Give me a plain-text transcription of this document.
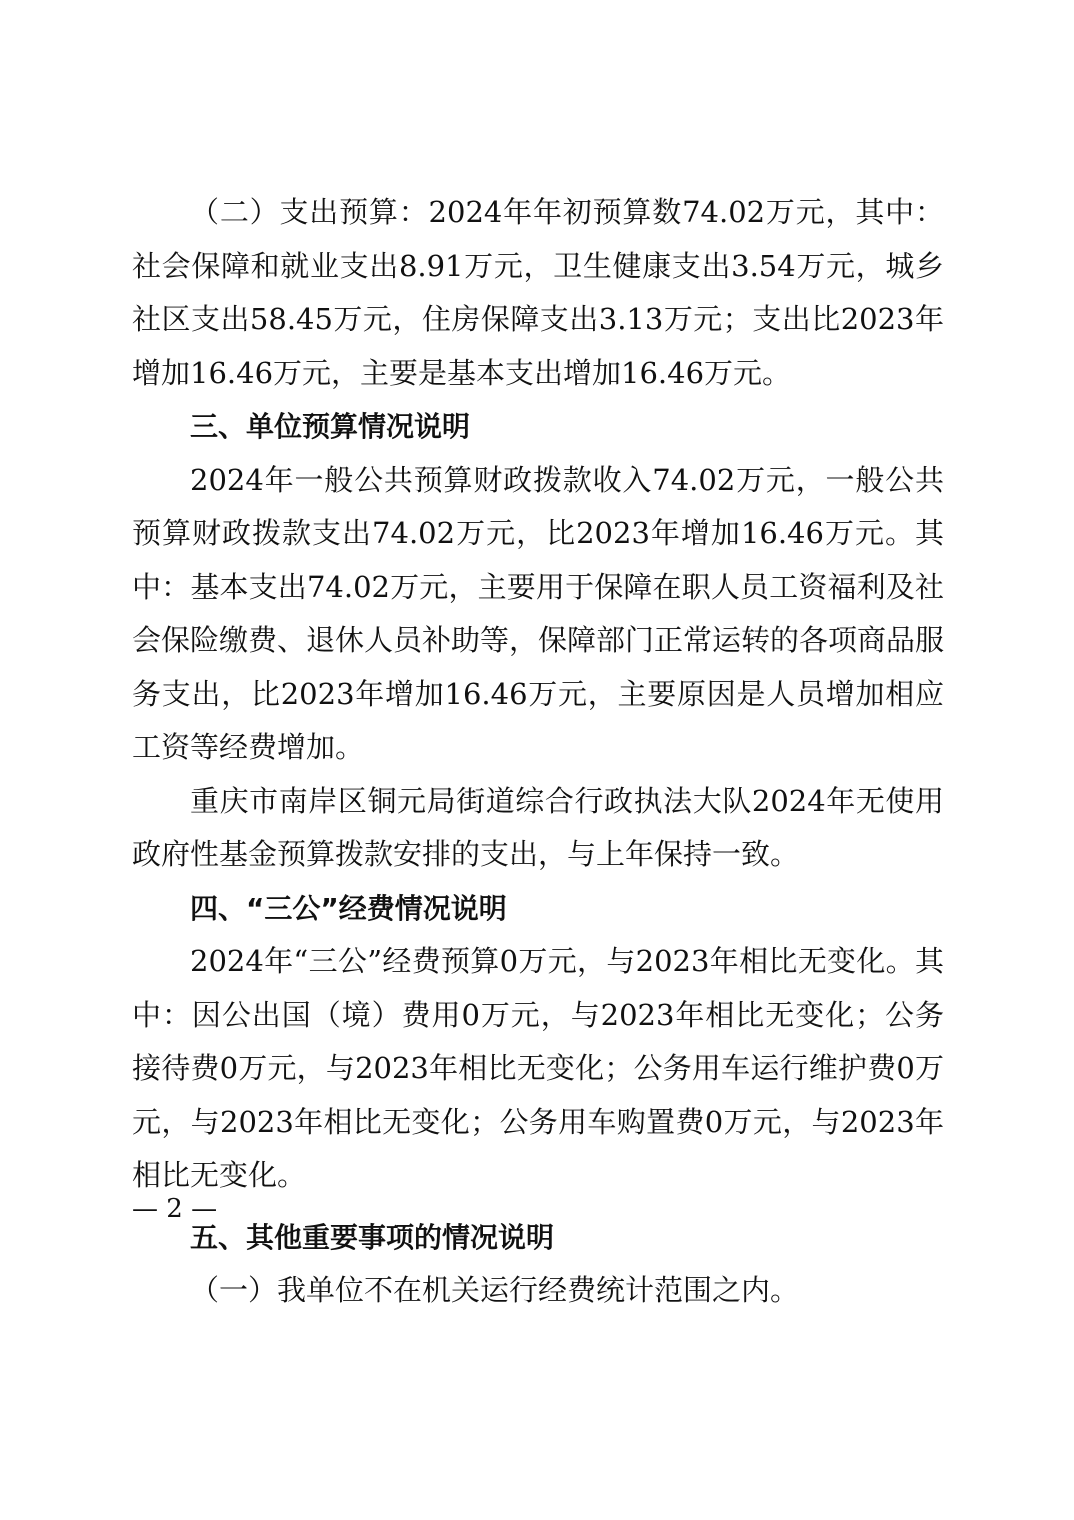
（二）支出预算：2024年年初预算数74.02万元，其中：社会保障和就业支出8.91万元，卫生健康支出3.54万元，城乡社区支出58.45万元，住房保障支出3.13万元；支出比2023年增加16.46万元，主要是基本支出增加16.46万元。

三、单位预算情况说明

2024年一般公共预算财政拨款收入74.02万元，一般公共预算财政拨款支出74.02万元，比2023年增加16.46万元。其中：基本支出74.02万元，主要用于保障在职人员工资福利及社会保险缴费、退休人员补助等，保障部门正常运转的各项商品服务支出，比2023年增加16.46万元，主要原因是人员增加相应工资等经费增加。

重庆市南岸区铜元局街道综合行政执法大队2024年无使用政府性基金预算拨款安排的支出，与上年保持一致。

四、“三公”经费情况说明

2024年“三公”经费预算0万元，与2023年相比无变化。其中：因公出国（境）费用0万元，与2023年相比无变化；公务接待费0万元，与2023年相比无变化；公务用车运行维护费0万元，与2023年相比无变化；公务用车购置费0万元，与2023年相比无变化。

五、其他重要事项的情况说明

（一）我单位不在机关运行经费统计范围之内。

— 2 —
